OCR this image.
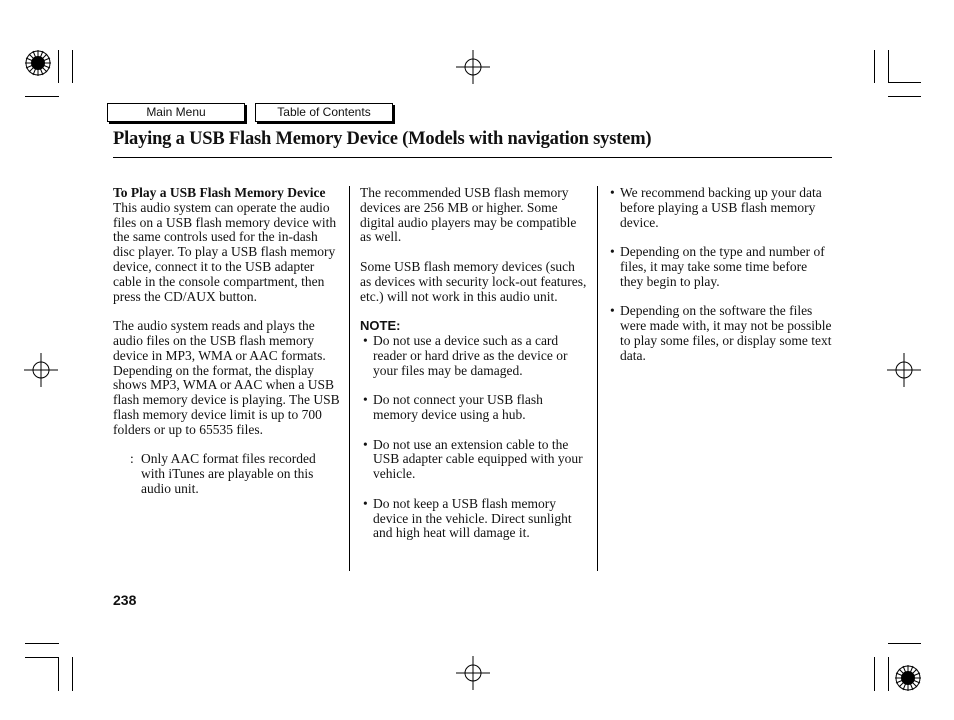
Main Menu	Table of Contents
Playing a USB Flash Memory Device (Models with navigation system)

To Play a USB Flash Memory Device

This audio system can operate the audio files on a USB flash memory device with the same controls used for the in-dash disc player. To play a USB flash memory device, connect it to the USB adapter cable in the console compartment, then press the CD/AUX button.

The audio system reads and plays the audio files on the USB flash memory device in MP3, WMA or AAC formats. Depending on the format, the display shows MP3, WMA or AAC when a USB flash memory device is playing. The USB flash memory device limit is up to 700 folders or up to 65535 files.

: Only AAC format files recorded with iTunes are playable on this audio unit.

The recommended USB flash memory devices are 256 MB or higher. Some digital audio players may be compatible as well.

Some USB flash memory devices (such as devices with security lock-out features, etc.) will not work in this audio unit.

NOTE:

• Do not use a device such as a card reader or hard drive as the device or your files may be damaged.

• Do not connect your USB flash memory device using a hub.

• Do not use an extension cable to the USB adapter cable equipped with your vehicle.

• Do not keep a USB flash memory device in the vehicle. Direct sunlight and high heat will damage it.
• We recommend backing up your data before playing a USB flash memory device.

• Depending on the type and number of files, it may take some time before they begin to play.

• Depending on the software the files were made with, it may not be possible to play some files, or display some text data.
238
